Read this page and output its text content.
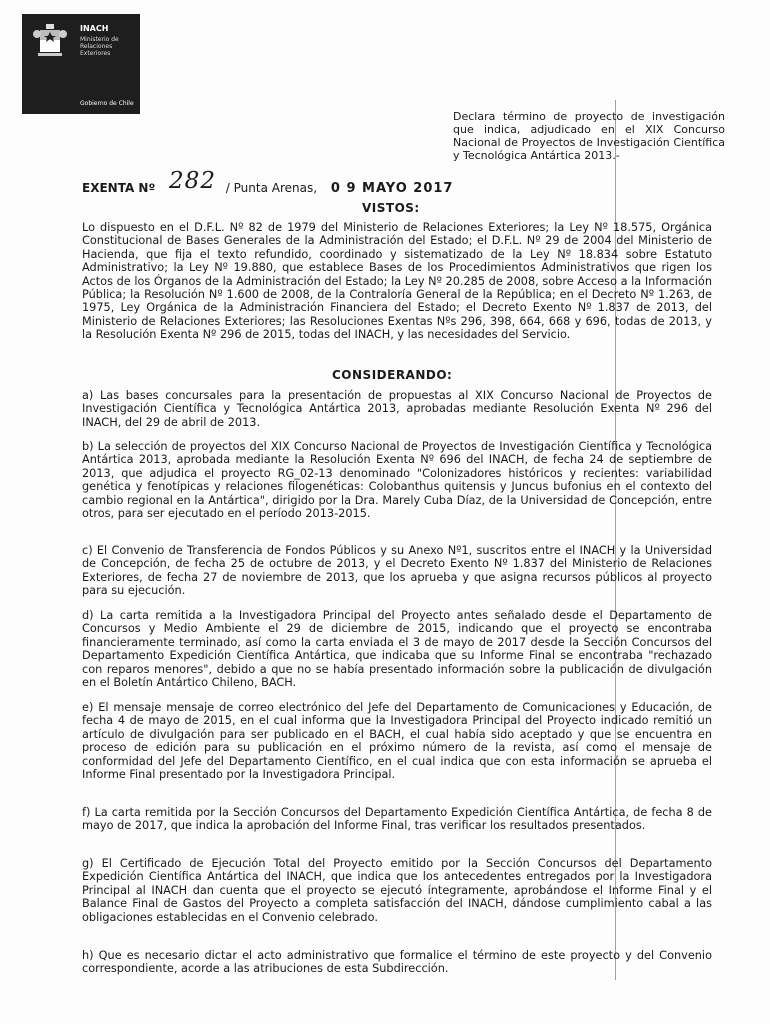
INACH
Ministerio de Relaciones Exteriores
Gobierno de Chile
Declara término de proyecto de investigación que indica, adjudicado en el XIX Concurso Nacional de Proyectos de Investigación Científica y Tecnológica Antártica 2013.-
EXENTA Nº 282 / Punta Arenas, 0 9 MAYO 2017
VISTOS:
Lo dispuesto en el D.F.L. Nº 82 de 1979 del Ministerio de Relaciones Exteriores; la Ley Nº 18.575, Orgánica Constitucional de Bases Generales de la Administración del Estado; el D.F.L. Nº 29 de 2004 del Ministerio de Hacienda, que fija el texto refundido, coordinado y sistematizado de la Ley Nº 18.834 sobre Estatuto Administrativo; la Ley Nº 19.880, que establece Bases de los Procedimientos Administrativos que rigen los Actos de los Órganos de la Administración del Estado; la Ley Nº 20.285 de 2008, sobre Acceso a la Información Pública; la Resolución Nº 1.600 de 2008, de la Contraloría General de la República; en el Decreto Nº 1.263, de 1975, Ley Orgánica de la Administración Financiera del Estado; el Decreto Exento Nº 1.837 de 2013, del Ministerio de Relaciones Exteriores; las Resoluciones Exentas Nºs 296, 398, 664, 668 y 696, todas de 2013, y la Resolución Exenta Nº 296 de 2015, todas del INACH, y las necesidades del Servicio.
CONSIDERANDO:
a) Las bases concursales para la presentación de propuestas al XIX Concurso Nacional de Proyectos de Investigación Científica y Tecnológica Antártica 2013, aprobadas mediante Resolución Exenta Nº 296 del INACH, del 29 de abril de 2013.
b) La selección de proyectos del XIX Concurso Nacional de Proyectos de Investigación Científica y Tecnológica Antártica 2013, aprobada mediante la Resolución Exenta Nº 696 del INACH, de fecha 24 de septiembre de 2013, que adjudica el proyecto RG_02-13 denominado "Colonizadores históricos y recientes: variabilidad genética y fenotípicas y relaciones filogenéticas: Colobanthus quitensis y Juncus bufonius en el contexto del cambio regional en la Antártica", dirigido por la Dra. Marely Cuba Díaz, de la Universidad de Concepción, entre otros, para ser ejecutado en el período 2013-2015.
c) El Convenio de Transferencia de Fondos Públicos y su Anexo Nº1, suscritos entre el INACH y la Universidad de Concepción, de fecha 25 de octubre de 2013, y el Decreto Exento Nº 1.837 del Ministerio de Relaciones Exteriores, de fecha 27 de noviembre de 2013, que los aprueba y que asigna recursos públicos al proyecto para su ejecución.
d) La carta remitida a la Investigadora Principal del Proyecto antes señalado desde el Departamento de Concursos y Medio Ambiente el 29 de diciembre de 2015, indicando que el proyecto se encontraba financieramente terminado, así como la carta enviada el 3 de mayo de 2017 desde la Sección Concursos del Departamento Expedición Científica Antártica, que indicaba que su Informe Final se encontraba "rechazado con reparos menores", debido a que no se había presentado información sobre la publicación de divulgación en el Boletín Antártico Chileno, BACH.
e) El mensaje mensaje de correo electrónico del Jefe del Departamento de Comunicaciones y Educación, de fecha 4 de mayo de 2015, en el cual informa que la Investigadora Principal del Proyecto indicado remitió un artículo de divulgación para ser publicado en el BACH, el cual había sido aceptado y que se encuentra en proceso de edición para su publicación en el próximo número de la revista, así como el mensaje de conformidad del Jefe del Departamento Científico, en el cual indica que con esta información se aprueba el Informe Final presentado por la Investigadora Principal.
f) La carta remitida por la Sección Concursos del Departamento Expedición Científica Antártica, de fecha 8 de mayo de 2017, que indica la aprobación del Informe Final, tras verificar los resultados presentados.
g) El Certificado de Ejecución Total del Proyecto emitido por la Sección Concursos del Departamento Expedición Científica Antártica del INACH, que indica que los antecedentes entregados por la Investigadora Principal al INACH dan cuenta que el proyecto se ejecutó íntegramente, aprobándose el Informe Final y el Balance Final de Gastos del Proyecto a completa satisfacción del INACH, dándose cumplimiento cabal a las obligaciones establecidas en el Convenio celebrado.
h) Que es necesario dictar el acto administrativo que formalice el término de este proyecto y del Convenio correspondiente, acorde a las atribuciones de esta Subdirección.
